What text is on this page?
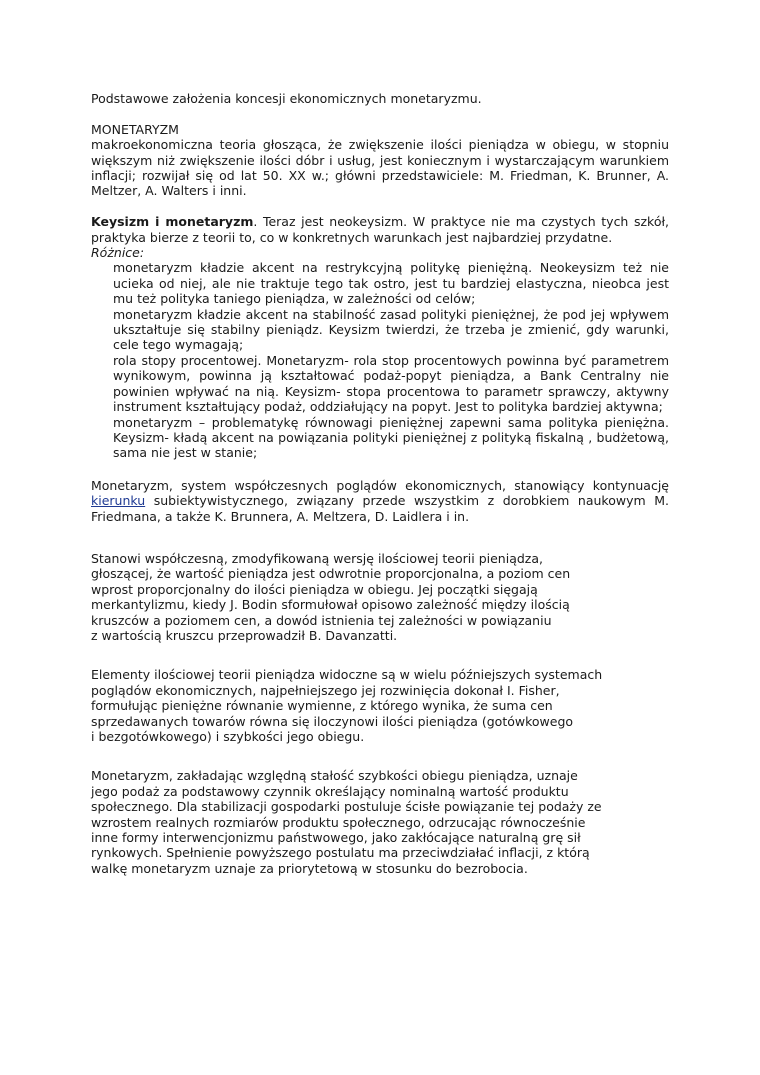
Podstawowe założenia koncesji ekonomicznych monetaryzmu.

MONETARYZM

makroekonomiczna teoria głosząca, że zwiększenie ilości pieniądza w obiegu, w stopniu większym niż zwiększenie ilości dóbr i usług, jest koniecznym i wystarczającym warunkiem inflacji; rozwijał się od lat 50. XX w.; główni przedstawiciele: M. Friedman, K. Brunner, A. Meltzer, A. Walters i inni.

Keysizm i monetaryzm. Teraz jest neokeysizm. W praktyce nie ma czystych tych szkół, praktyka bierze z teorii to, co w konkretnych warunkach jest najbardziej przydatne.

Różnice:

monetaryzm kładzie akcent na restrykcyjną politykę pieniężną. Neokeysizm też nie ucieka od niej, ale nie traktuje tego tak ostro, jest tu bardziej elastyczna, nieobca jest mu też polityka taniego pieniądza, w zależności od celów;
monetaryzm kładzie akcent na stabilność zasad polityki pieniężnej, że pod jej wpływem ukształtuje się stabilny pieniądz. Keysizm twierdzi, że trzeba je zmienić, gdy warunki, cele tego wymagają;
rola stopy procentowej. Monetaryzm- rola stop procentowych powinna być parametrem wynikowym, powinna ją kształtować podaż-popyt pieniądza, a Bank Centralny nie powinien wpływać na nią. Keysizm- stopa procentowa to parametr sprawczy, aktywny instrument kształtujący podaż, oddziałujący na popyt. Jest to polityka bardziej aktywna;
monetaryzm – problematykę równowagi pieniężnej zapewni sama polityka pieniężna. Keysizm- kładą akcent na powiązania polityki pieniężnej z polityką fiskalną , budżetową, sama nie jest w stanie;

Monetaryzm, system współczesnych poglądów ekonomicznych, stanowiący kontynuację kierunku subiektywistycznego, związany przede wszystkim z dorobkiem naukowym M. Friedmana, a także K. Brunnera, A. Meltzera, D. Laidlera i in.

Stanowi współczesną, zmodyfikowaną wersję ilościowej teorii pieniądza,
głoszącej, że wartość pieniądza jest odwrotnie proporcjonalna, a poziom cen
wprost proporcjonalny do ilości pieniądza w obiegu. Jej początki sięgają
merkantylizmu, kiedy J. Bodin sformułował opisowo zależność między ilością
kruszców a poziomem cen, a dowód istnienia tej zależności w powiązaniu
z wartością kruszcu przeprowadził B. Davanzatti.

Elementy ilościowej teorii pieniądza widoczne są w wielu późniejszych systemach
poglądów ekonomicznych, najpełniejszego jej rozwinięcia dokonał I. Fisher,
formułując pieniężne równanie wymienne, z którego wynika, że suma cen
sprzedawanych towarów równa się iloczynowi ilości pieniądza (gotówkowego
i bezgotówkowego) i szybkości jego obiegu.

Monetaryzm, zakładając względną stałość szybkości obiegu pieniądza, uznaje
jego podaż za podstawowy czynnik określający nominalną wartość produktu
społecznego. Dla stabilizacji gospodarki postuluje ścisłe powiązanie tej podaży ze
wzrostem realnych rozmiarów produktu społecznego, odrzucając równocześnie
inne formy interwencjonizmu państwowego, jako zakłócające naturalną grę sił
rynkowych. Spełnienie powyższego postulatu ma przeciwdziałać inflacji, z którą
walkę monetaryzm uznaje za priorytetową w stosunku do bezrobocia.
